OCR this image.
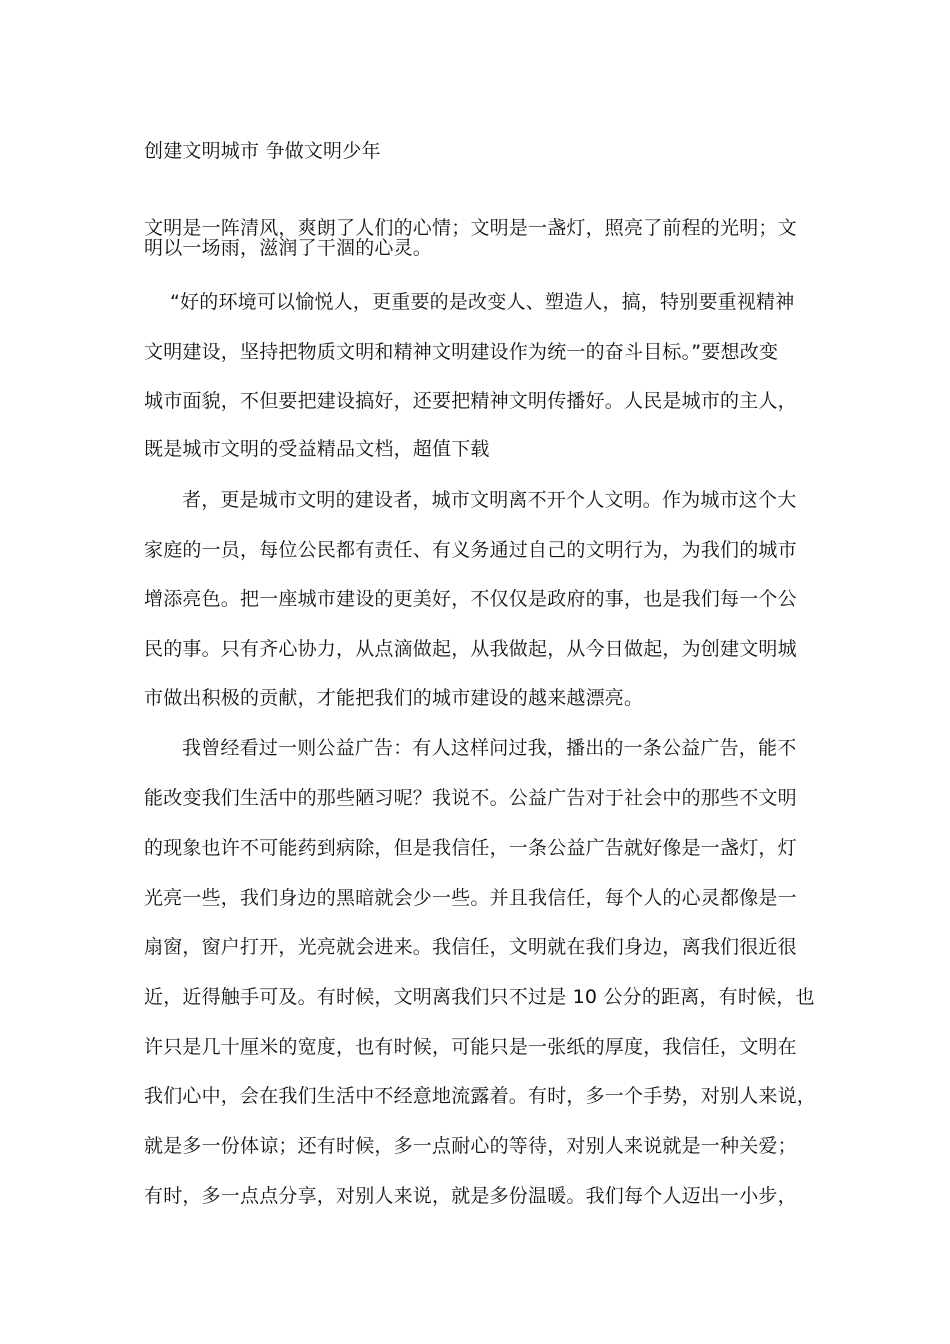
创建文明城市 争做文明少年
文明是一阵清风，爽朗了人们的心情；文明是一盏灯，照亮了前程的光明；文
明以一场雨，滋润了干涸的心灵。
“好的环境可以愉悦人，更重要的是改变人、塑造人，搞，特别要重视精神
文明建设，坚持把物质文明和精神文明建设作为统一的奋斗目标。”要想改变
城市面貌，不但要把建设搞好，还要把精神文明传播好。人民是城市的主人，
既是城市文明的受益精品文档，超值下载
者，更是城市文明的建设者，城市文明离不开个人文明。作为城市这个大
家庭的一员，每位公民都有责任、有义务通过自己的文明行为，为我们的城市
增添亮色。把一座城市建设的更美好，不仅仅是政府的事，也是我们每一个公
民的事。只有齐心协力，从点滴做起，从我做起，从今日做起，为创建文明城
市做出积极的贡献，才能把我们的城市建设的越来越漂亮。
我曾经看过一则公益广告：有人这样问过我，播出的一条公益广告，能不
能改变我们生活中的那些陋习呢？我说不。公益广告对于社会中的那些不文明
的现象也许不可能药到病除，但是我信任，一条公益广告就好像是一盏灯，灯
光亮一些，我们身边的黑暗就会少一些。并且我信任，每个人的心灵都像是一
扇窗，窗户打开，光亮就会进来。我信任，文明就在我们身边，离我们很近很
近，近得触手可及。有时候，文明离我们只不过是 10 公分的距离，有时候，也
许只是几十厘米的宽度，也有时候，可能只是一张纸的厚度，我信任，文明在
我们心中，会在我们生活中不经意地流露着。有时，多一个手势，对别人来说，
就是多一份体谅；还有时候，多一点耐心的等待，对别人来说就是一种关爱；
有时，多一点点分享，对别人来说，就是多份温暖。我们每个人迈出一小步，
